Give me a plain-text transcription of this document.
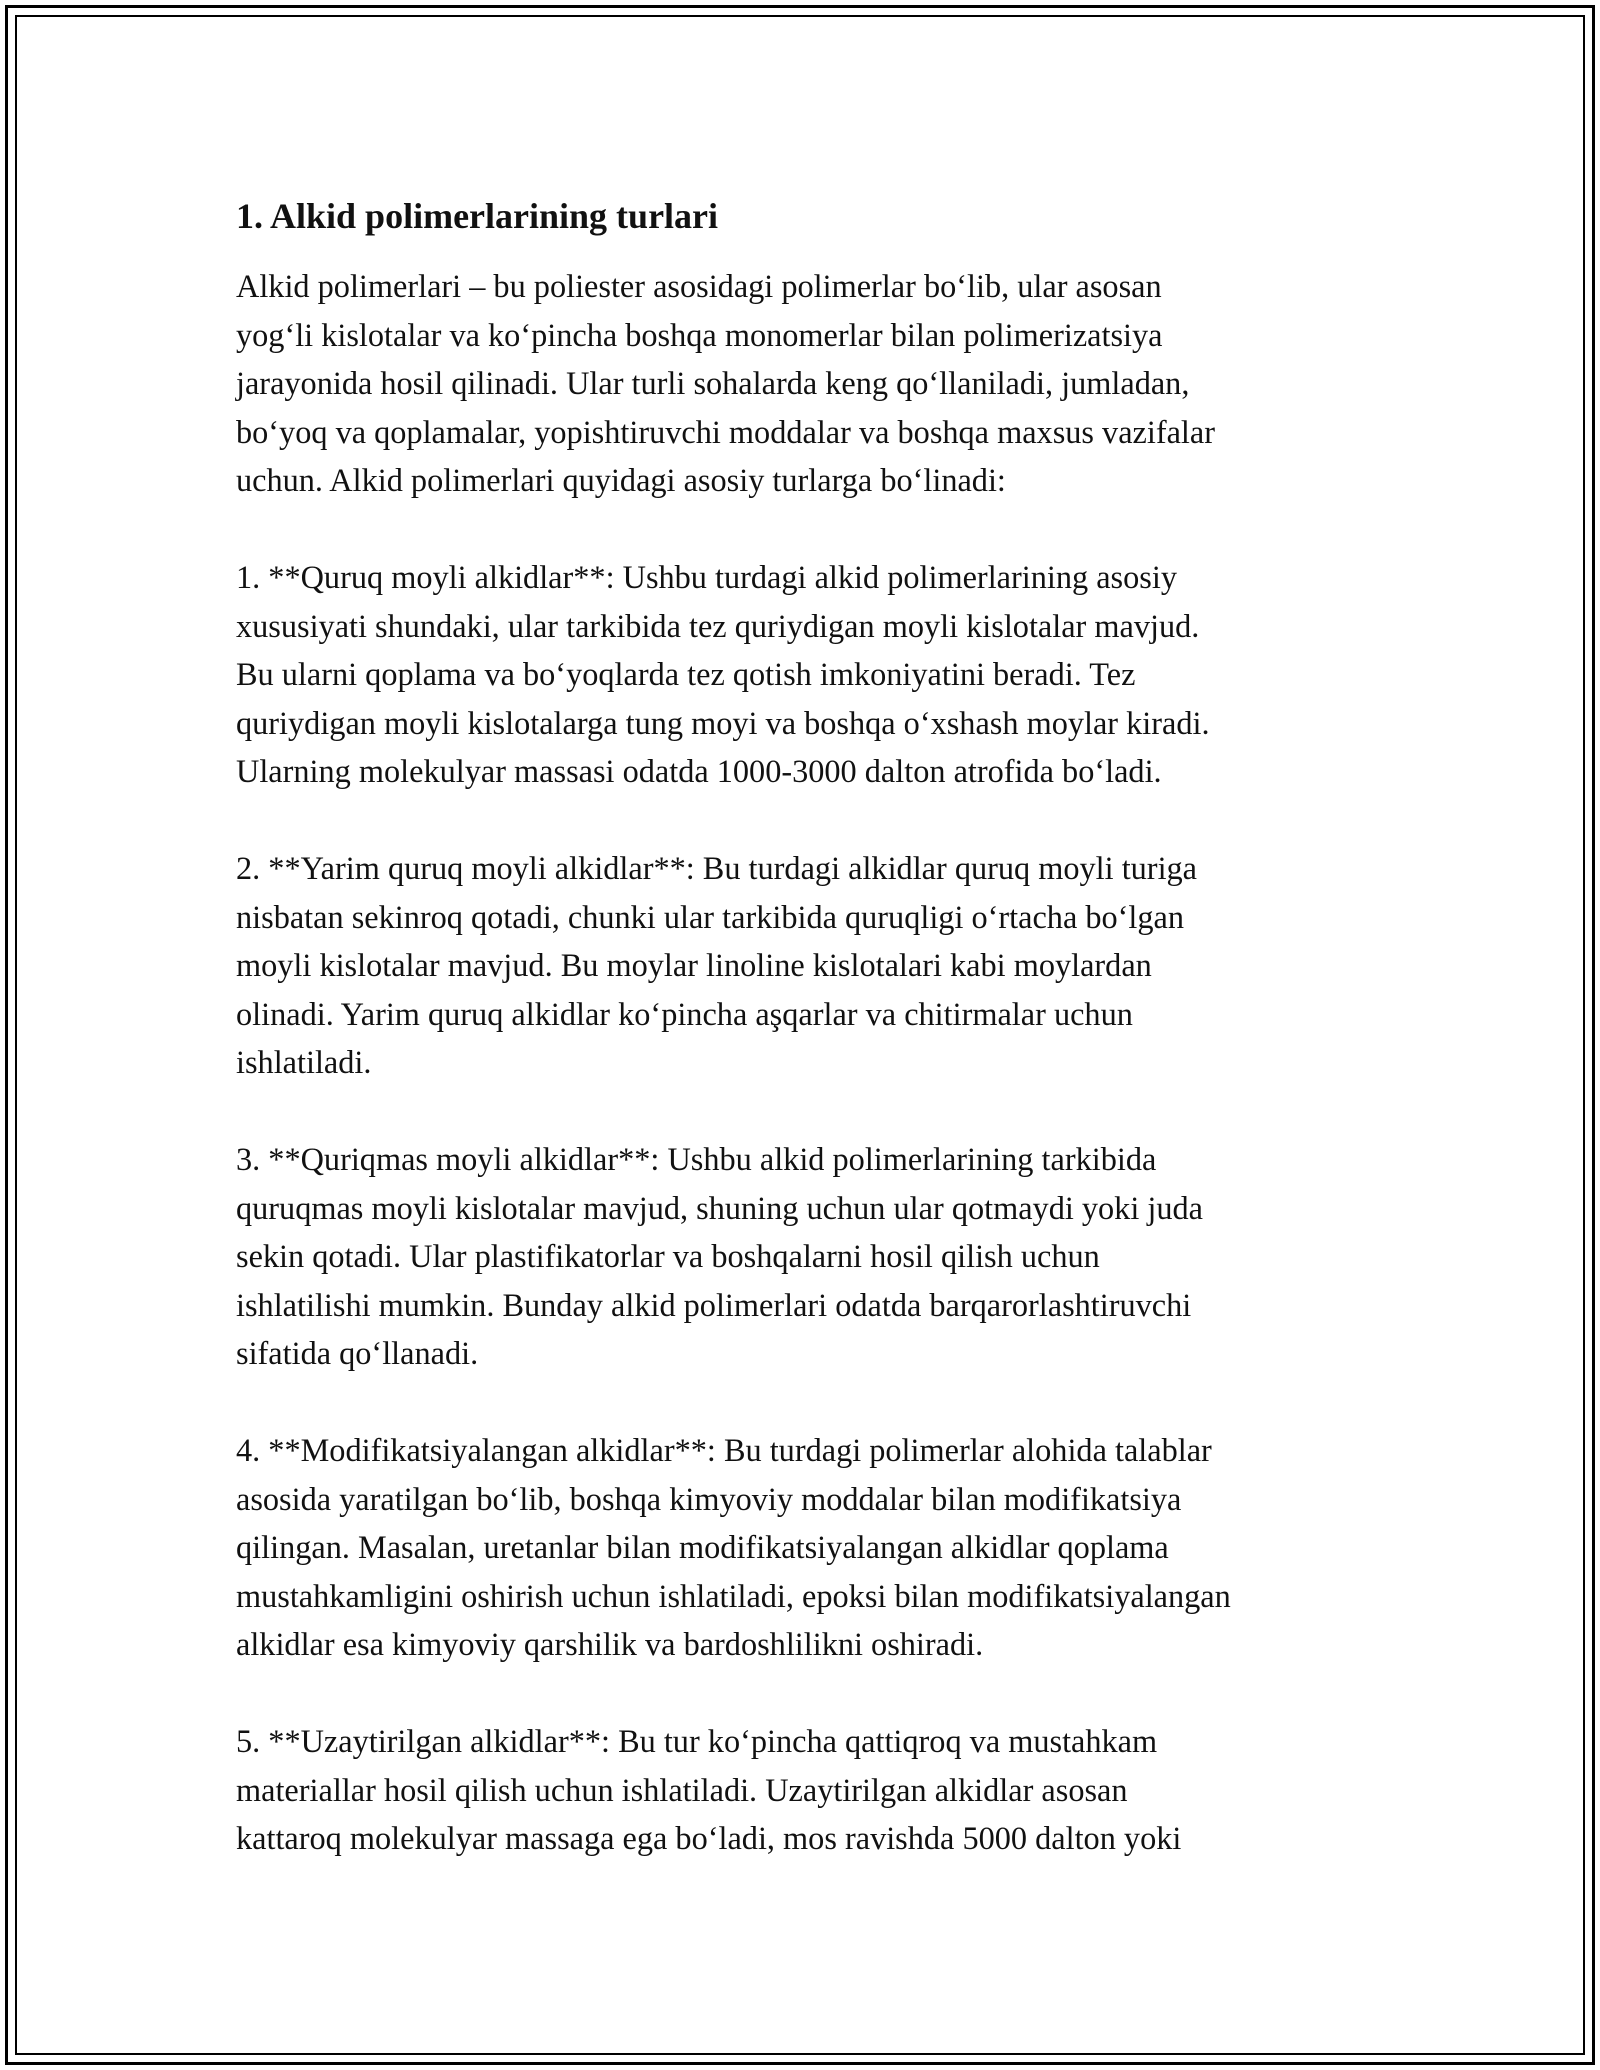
1. Alkid polimerlarining turlari

Alkid polimerlari – bu poliester asosidagi polimerlar bo‘lib, ular asosan
yog‘li kislotalar va ko‘pincha boshqa monomerlar bilan polimerizatsiya
jarayonida hosil qilinadi. Ular turli sohalarda keng qo‘llaniladi, jumladan,
bo‘yoq va qoplamalar, yopishtiruvchi moddalar va boshqa maxsus vazifalar
uchun. Alkid polimerlari quyidagi asosiy turlarga bo‘linadi:

1. **Quruq moyli alkidlar**: Ushbu turdagi alkid polimerlarining asosiy
xususiyati shundaki, ular tarkibida tez quriydigan moyli kislotalar mavjud.
Bu ularni qoplama va bo‘yoqlarda tez qotish imkoniyatini beradi. Tez
quriydigan moyli kislotalarga tung moyi va boshqa o‘xshash moylar kiradi.
Ularning molekulyar massasi odatda 1000-3000 dalton atrofida bo‘ladi.

2. **Yarim quruq moyli alkidlar**: Bu turdagi alkidlar quruq moyli turiga
nisbatan sekinroq qotadi, chunki ular tarkibida quruqligi o‘rtacha bo‘lgan
moyli kislotalar mavjud. Bu moylar linoline kislotalari kabi moylardan
olinadi. Yarim quruq alkidlar ko‘pincha aşqarlar va chitirmalar uchun
ishlatiladi.

3. **Quriqmas moyli alkidlar**: Ushbu alkid polimerlarining tarkibida
quruqmas moyli kislotalar mavjud, shuning uchun ular qotmaydi yoki juda
sekin qotadi. Ular plastifikatorlar va boshqalarni hosil qilish uchun
ishlatilishi mumkin. Bunday alkid polimerlari odatda barqarorlashtiruvchi
sifatida qo‘llanadi.

4. **Modifikatsiyalangan alkidlar**: Bu turdagi polimerlar alohida talablar
asosida yaratilgan bo‘lib, boshqa kimyoviy moddalar bilan modifikatsiya
qilingan. Masalan, uretanlar bilan modifikatsiyalangan alkidlar qoplama
mustahkamligini oshirish uchun ishlatiladi, epoksi bilan modifikatsiyalangan
alkidlar esa kimyoviy qarshilik va bardoshlilikni oshiradi.

5. **Uzaytirilgan alkidlar**: Bu tur ko‘pincha qattiqroq va mustahkam
materiallar hosil qilish uchun ishlatiladi. Uzaytirilgan alkidlar asosan
kattaroq molekulyar massaga ega bo‘ladi, mos ravishda 5000 dalton yoki
